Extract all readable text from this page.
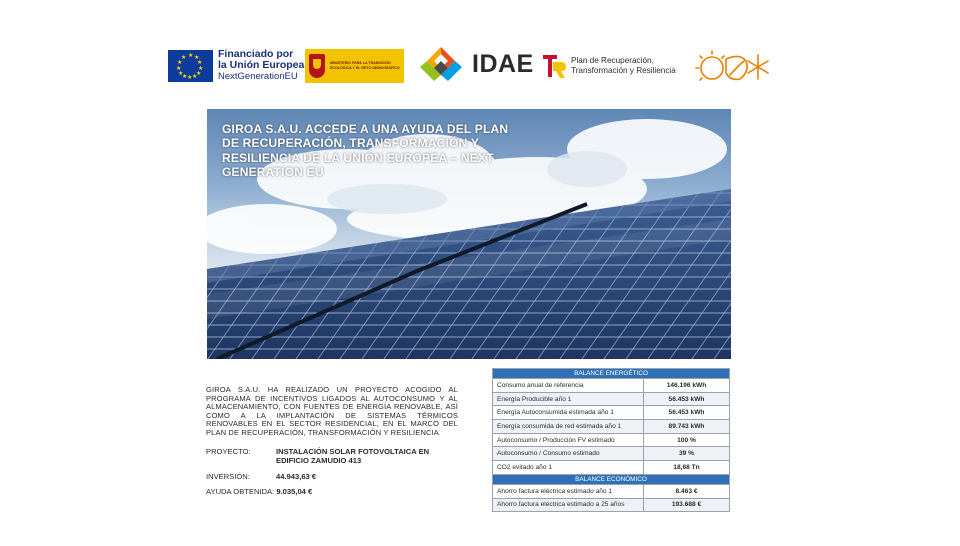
★ ★
★
★
★
★
★
★
★
★
★
★	Financiado por
la Unión Europea
NextGenerationEU
MINISTERIO PARA LA TRANSICIÓN ECOLÓGICA Y EL RETO DEMOGRÁFICO	IDAE	Plan de Recuperación,
Transformación y Resiliencia
GIROA S.A.U. ACCEDE A UNA AYUDA DEL PLAN DE RECUPERACIÓN, TRANSFORMACIÓN Y RESILIENCIA DE LA UNIÓN EUROPEA – NEXT GENERATION EU
GIROA S.A.U. HA REALIZADO UN PROYECTO ACOGIDO AL PROGRAMA DE INCENTIVOS LIGADOS AL AUTOCONSUMO Y AL ALMACENAMIENTO, CON FUENTES DE ENERGÍA RENOVABLE, ASÍ COMO A LA IMPLANTACIÓN DE SISTEMAS TÉRMICOS RENOVABLES EN EL SECTOR RESIDENCIAL, EN EL MARCO DEL PLAN DE RECUPERACIÓN, TRANSFORMACIÓN Y RESILIENCIA
PROYECTO:	INSTALACIÓN SOLAR FOTOVOLTAICA EN EDIFICIO ZAMUDIO 413
INVERSIÓN:	44.943,63 €
AYUDA OBTENIDA: 9.035,04 €
BALANCE ENERGÉTICO	
Consumo anual de referencia	146.196 kWh
Energía Producible año 1	56.453 kWh
Energía Autoconsumida estimada año 1	56.453 kWh
Energía consumida de red estimada año 1	89.743 kWh
Autoconsumo / Producción FV estimado	100 %
Autoconsumo / Consumo estimado	39 %
CO2 evitado año 1	18,68 Tn
BALANCE ECONÓMICO	
Ahorro factura eléctrica estimado año 1	8.463 €
Ahorro factura eléctrica estimado a 25 años	193.688 €
